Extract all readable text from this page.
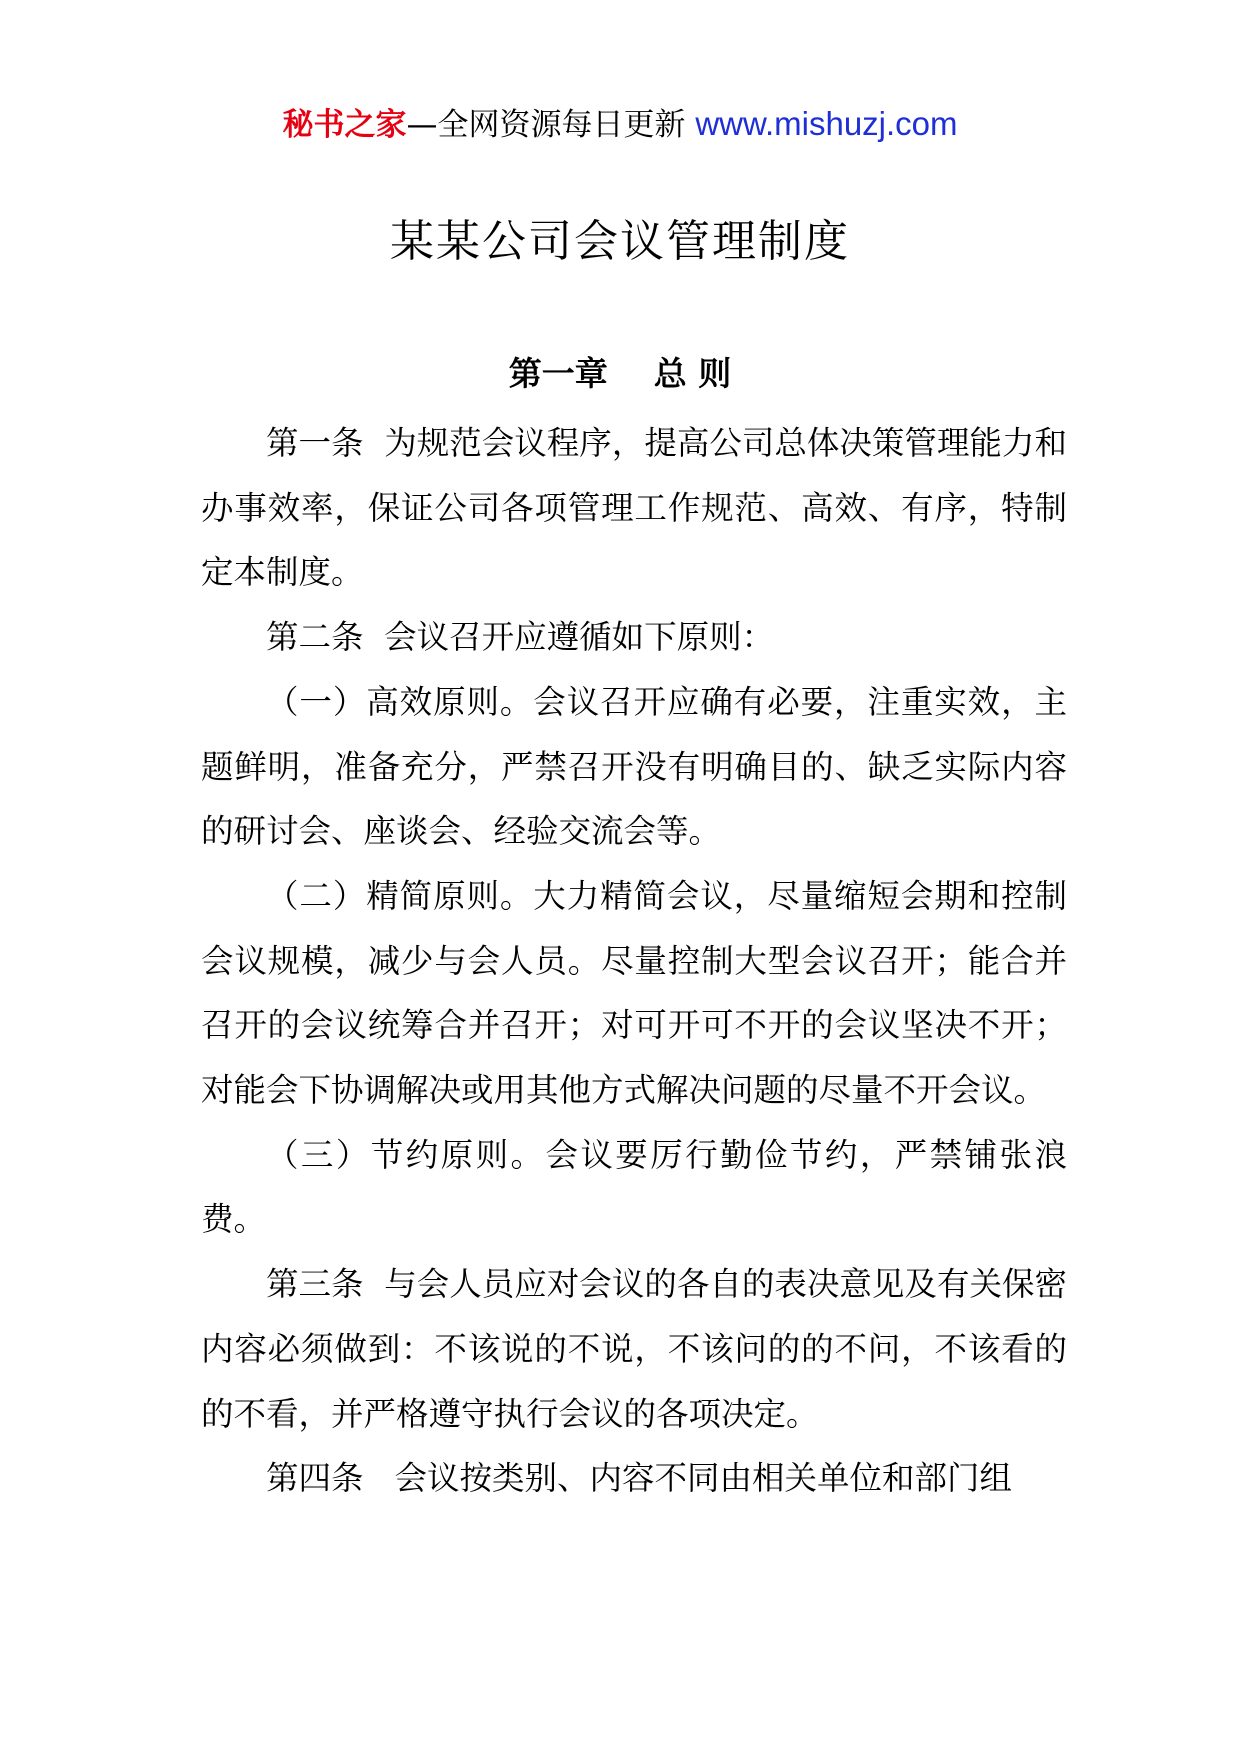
秘书之家—全网资源每日更新 www.mishuzj.com
某某公司会议管理制度
第一章    总 则

第一条  为规范会议程序，提高公司总体决策管理能力和办事效率，保证公司各项管理工作规范、高效、有序，特制定本制度。

第二条  会议召开应遵循如下原则：

（一）高效原则。会议召开应确有必要，注重实效，主题鲜明，准备充分，严禁召开没有明确目的、缺乏实际内容的研讨会、座谈会、经验交流会等。

（二）精简原则。大力精简会议，尽量缩短会期和控制会议规模，减少与会人员。尽量控制大型会议召开；能合并召开的会议统筹合并召开；对可开可不开的会议坚决不开；对能会下协调解决或用其他方式解决问题的尽量不开会议。

（三）节约原则。会议要厉行勤俭节约，严禁铺张浪费。

第三条  与会人员应对会议的各自的表决意见及有关保密内容必须做到：不该说的不说，不该问的的不问，不该看的的不看，并严格遵守执行会议的各项决定。

第四条   会议按类别、内容不同由相关单位和部门组
